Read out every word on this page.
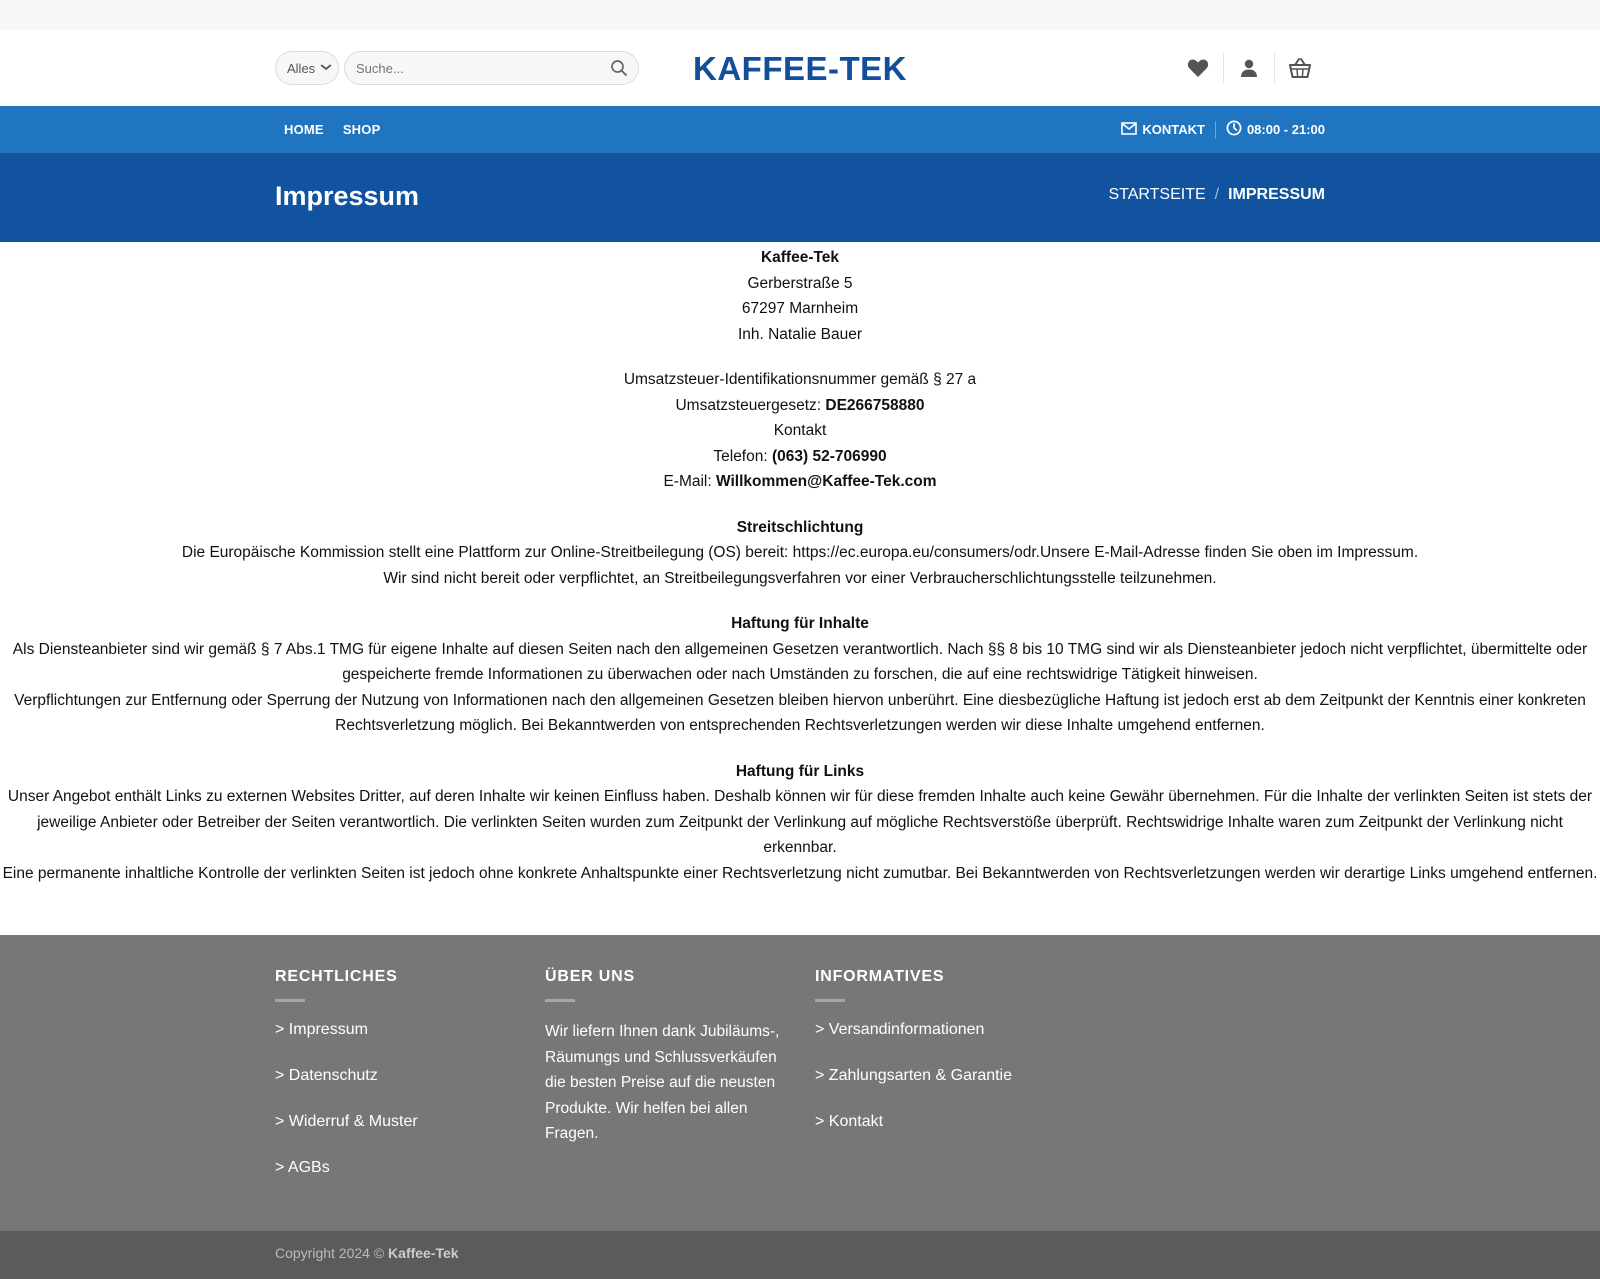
KAFFEE-TEK
Alles
Suche...
HOME SHOP	KONTAKT	08:00 - 21:00
Impressum	STARTSEITE / IMPRESSUM

Kaffee-Tek
Gerberstraße 5
67297 Marnheim
Inh. Natalie Bauer

Umsatzsteuer-Identifikationsnummer gemäß § 27 a
Umsatzsteuergesetz: DE266758880
Kontakt
Telefon: (063) 52-706990
E-Mail: Willkommen@Kaffee-Tek.com

Streitschlichtung
Die Europäische Kommission stellt eine Plattform zur Online-Streitbeilegung (OS) bereit: https://ec.europa.eu/consumers/odr.Unsere E-Mail-Adresse finden Sie oben im Impressum.
Wir sind nicht bereit oder verpflichtet, an Streitbeilegungsverfahren vor einer Verbraucherschlichtungsstelle teilzunehmen.

Haftung für Inhalte
Als Diensteanbieter sind wir gemäß § 7 Abs.1 TMG für eigene Inhalte auf diesen Seiten nach den allgemeinen Gesetzen verantwortlich. Nach §§ 8 bis 10 TMG sind wir als Diensteanbieter jedoch nicht verpflichtet, übermittelte oder gespeicherte fremde Informationen zu überwachen oder nach Umständen zu forschen, die auf eine rechtswidrige Tätigkeit hinweisen.
Verpflichtungen zur Entfernung oder Sperrung der Nutzung von Informationen nach den allgemeinen Gesetzen bleiben hiervon unberührt. Eine diesbezügliche Haftung ist jedoch erst ab dem Zeitpunkt der Kenntnis einer konkreten Rechtsverletzung möglich. Bei Bekanntwerden von entsprechenden Rechtsverletzungen werden wir diese Inhalte umgehend entfernen.

Haftung für Links
Unser Angebot enthält Links zu externen Websites Dritter, auf deren Inhalte wir keinen Einfluss haben. Deshalb können wir für diese fremden Inhalte auch keine Gewähr übernehmen. Für die Inhalte der verlinkten Seiten ist stets der jeweilige Anbieter oder Betreiber der Seiten verantwortlich. Die verlinkten Seiten wurden zum Zeitpunkt der Verlinkung auf mögliche Rechtsverstöße überprüft. Rechtswidrige Inhalte waren zum Zeitpunkt der Verlinkung nicht erkennbar.
Eine permanente inhaltliche Kontrolle der verlinkten Seiten ist jedoch ohne konkrete Anhaltspunkte einer Rechtsverletzung nicht zumutbar. Bei Bekanntwerden von Rechtsverletzungen werden wir derartige Links umgehend entfernen.

RECHTLICHES
> Impressum
> Datenschutz
> Widerruf & Muster
> AGBs
ÜBER UNS
Wir liefern Ihnen dank Jubiläums-, Räumungs und Schlussverkäufen die besten Preise auf die neusten Produkte. Wir helfen bei allen Fragen.
INFORMATIVES
> Versandinformationen
> Zahlungsarten & Garantie
> Kontakt
Copyright 2024 © Kaffee-Tek
